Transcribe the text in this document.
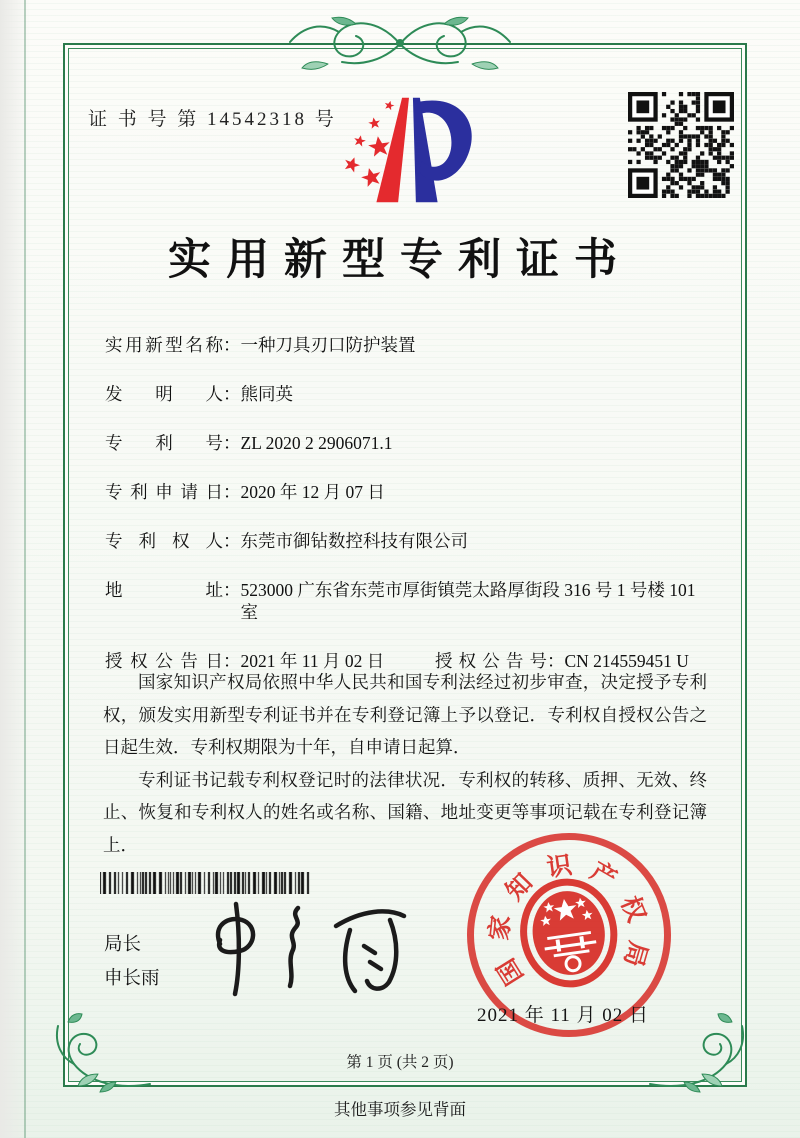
证 书 号 第 14542318 号
实用新型专利证书
实用新型名称 ： 一种刀具刃口防护装置
发明人 ： 熊同英
专利号 ： ZL 2020 2 2906071.1
专利申请日 ： 2020 年 12 月 07 日
专利权人 ： 东莞市御钻数控科技有限公司
地址 ： 523000 广东省东莞市厚街镇莞太路厚街段 316 号 1 号楼 101 室
授权公告日 ： 2021 年 11 月 02 日	授权公告号 ： CN 214559451 U

国家知识产权局依照中华人民共和国专利法经过初步审查，决定授予专利权，颁发实用新型专利证书并在专利登记簿上予以登记．专利权自授权公告之日起生效．专利权期限为十年，自申请日起算．

专利证书记载专利权登记时的法律状况．专利权的转移、质押、无效、终止、恢复和专利权人的姓名或名称、国籍、地址变更等事项记载在专利登记簿上．

局长
申长雨	国
家
知
识 产
权
局
2021 年 11 月 02 日
第 1 页 (共 2 页)
其他事项参见背面
